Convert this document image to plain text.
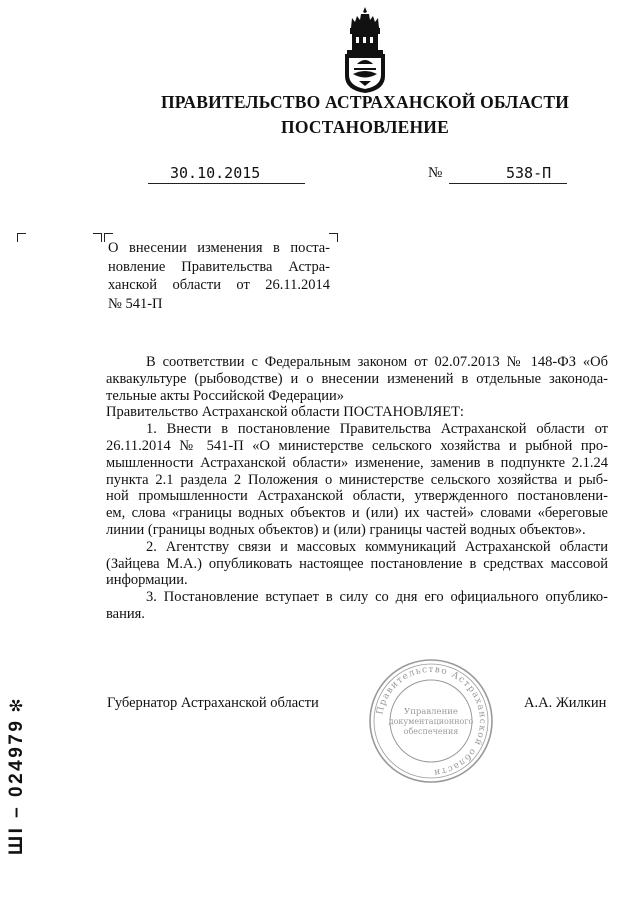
ПРАВИТЕЛЬСТВО АСТРАХАНСКОЙ ОБЛАСТИ
ПОСТАНОВЛЕНИЕ
30.10.2015	№	538-П
О внесении изменения в поста-
новление Правительства Астра-
ханской области от 26.11.2014
№ 541-П
В соответствии с Федеральным законом от 02.07.2013 № 148-ФЗ «Об
аквакультуре (рыбоводстве) и о внесении изменений в отдельные законода-
тельные акты Российской Федерации»
Правительство Астраханской области ПОСТАНОВЛЯЕТ:
1. Внести в постановление Правительства Астраханской области от
26.11.2014 № 541-П «О министерстве сельского хозяйства и рыбной про-
мышленности Астраханской области» изменение, заменив в подпункте 2.1.24
пункта 2.1 раздела 2 Положения о министерстве сельского хозяйства и рыб-
ной промышленности Астраханской области, утвержденного постановлени-
ем, слова «границы водных объектов и (или) их частей» словами «береговые
линии (границы водных объектов) и (или) границы частей водных объектов».
2. Агентству связи и массовых коммуникаций Астраханской области
(Зайцева М.А.) опубликовать настоящее постановление в средствах массовой
информации.
3. Постановление вступает в силу со дня его официального опублико-
вания.
Губернатор Астраханской области	А.А. Жилкин
Правительство Астраханской области
Управление
документационного
обеспечения
ШI – 024979✻
